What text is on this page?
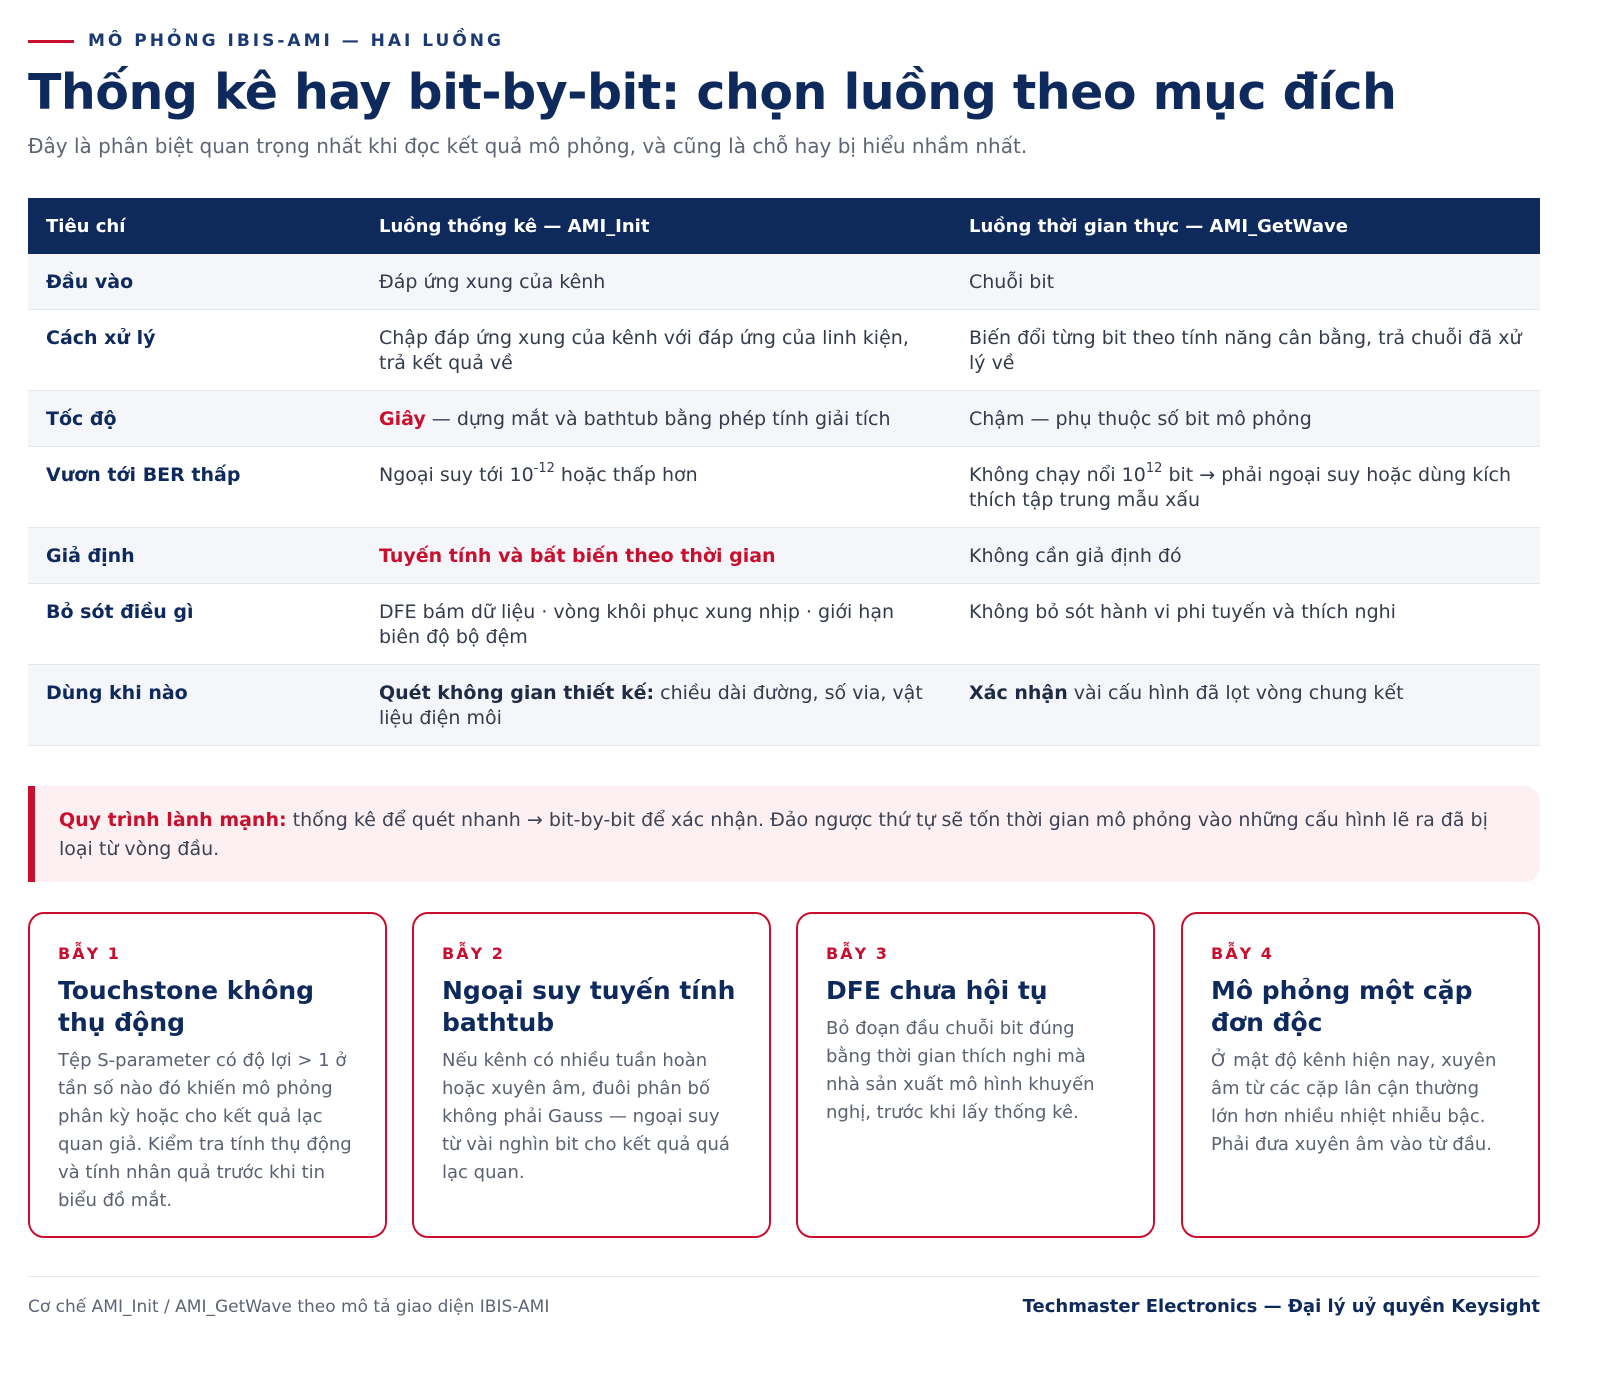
MÔ PHỎNG IBIS-AMI — HAI LUỒNG
Thống kê hay bit-by-bit: chọn luồng theo mục đích

Đây là phân biệt quan trọng nhất khi đọc kết quả mô phỏng, và cũng là chỗ hay bị hiểu nhầm nhất.

Tiêu chí	Luồng thống kê — AMI_Init	Luồng thời gian thực — AMI_GetWave
Đầu vào	Đáp ứng xung của kênh	Chuỗi bit
Cách xử lý	Chập đáp ứng xung của kênh với đáp ứng của linh kiện, trả kết quả về	Biến đổi từng bit theo tính năng cân bằng, trả chuỗi đã xử lý về
Tốc độ	Giây — dựng mắt và bathtub bằng phép tính giải tích	Chậm — phụ thuộc số bit mô phỏng
Vươn tới BER thấp	Ngoại suy tới $10^{-12}$ hoặc thấp hơn	Không chạy nổi $10^{12}$ bit → phải ngoại suy hoặc dùng kích thích tập trung mẫu xấu
Giả định	Tuyến tính và bất biến theo thời gian	Không cần giả định đó
Bỏ sót điều gì	DFE bám dữ liệu · vòng khôi phục xung nhịp · giới hạn biên độ bộ đệm	Không bỏ sót hành vi phi tuyến và thích nghi
Dùng khi nào	Quét không gian thiết kế: chiều dài đường, số via, vật liệu điện môi	Xác nhận vài cấu hình đã lọt vòng chung kết
Quy trình lành mạnh: thống kê để quét nhanh → bit-by-bit để xác nhận. Đảo ngược thứ tự sẽ tốn thời gian mô phỏng vào những cấu hình lẽ ra đã bị loại từ vòng đầu.
BẪY 1
Touchstone không thụ động
Tệp S-parameter có độ lợi > 1 ở tần số nào đó khiến mô phỏng phân kỳ hoặc cho kết quả lạc quan giả. Kiểm tra tính thụ động và tính nhân quả trước khi tin biểu đồ mắt.
BẪY 2
Ngoại suy tuyến tính bathtub
Nếu kênh có nhiều tuần hoàn hoặc xuyên âm, đuôi phân bố không phải Gauss — ngoại suy từ vài nghìn bit cho kết quả quá lạc quan.
BẪY 3
DFE chưa hội tụ
Bỏ đoạn đầu chuỗi bit đúng bằng thời gian thích nghi mà nhà sản xuất mô hình khuyến nghị, trước khi lấy thống kê.
BẪY 4
Mô phỏng một cặp đơn độc
Ở mật độ kênh hiện nay, xuyên âm từ các cặp lân cận thường lớn hơn nhiều nhiệt nhiễu bậc. Phải đưa xuyên âm vào từ đầu.
Cơ chế AMI_Init / AMI_GetWave theo mô tả giao diện IBIS-AMI	Techmaster Electronics — Đại lý uỷ quyền Keysight
